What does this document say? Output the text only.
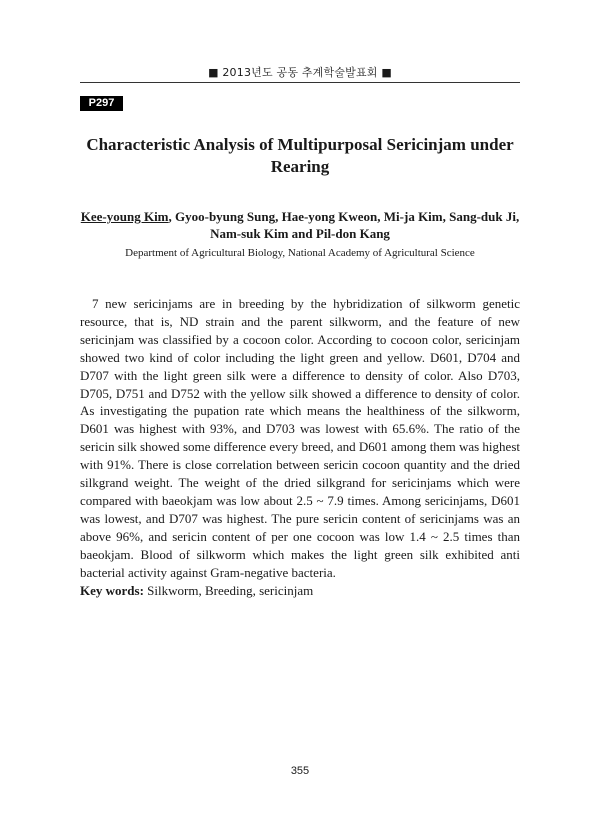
■ 2013년도 공동 추계학술발표회 ■
P297
Characteristic Analysis of Multipurposal Sericinjam under Rearing
Kee-young Kim, Gyoo-byung Sung, Hae-yong Kweon, Mi-ja Kim, Sang-duk Ji, Nam-suk Kim and Pil-don Kang
Department of Agricultural Biology, National Academy of Agricultural Science

7 new sericinjams are in breeding by the hybridization of silkworm genetic resource, that is, ND strain and the parent silkworm, and the feature of new sericinjam was classified by a cocoon color. According to cocoon color, sericinjam showed two kind of color including the light green and yellow. D601, D704 and D707 with the light green silk were a difference to density of color. Also D703, D705, D751 and D752 with the yellow silk showed a difference to density of color. As investigating the pupation rate which means the healthiness of the silkworm, D601 was highest with 93%, and D703 was lowest with 65.6%. The ratio of the sericin silk showed some difference every breed, and D601 among them was highest with 91%. There is close correlation between sericin cocoon quantity and the dried silkgrand weight. The weight of the dried silkgrand for sericinjams which were compared with baeokjam was low about 2.5 ~ 7.9 times. Among sericinjams, D601 was lowest, and D707 was highest. The pure sericin content of sericinjams was an above 96%, and sericin content of per one cocoon was low 1.4 ~ 2.5 times than baeokjam. Blood of silkworm which makes the light green silk exhibited anti bacterial activity against Gram-negative bacteria.

Key words: Silkworm, Breeding, sericinjam
355
